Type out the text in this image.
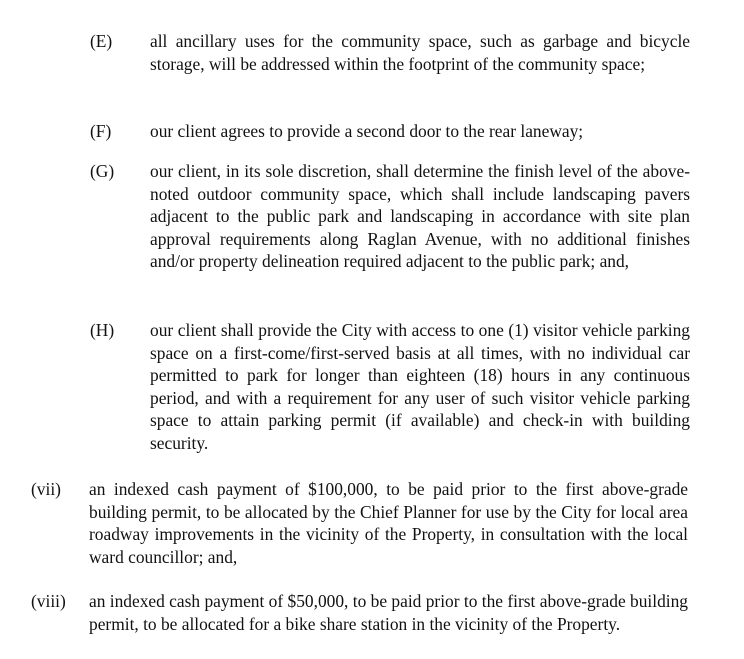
(E)	all ancillary uses for the community space, such as garbage and bicycle storage, will be addressed within the footprint of the community space;
(F)	our client agrees to provide a second door to the rear laneway;
(G)	our client, in its sole discretion, shall determine the finish level of the above-noted outdoor community space, which shall include landscaping pavers adjacent to the public park and landscaping in accordance with site plan approval requirements along Raglan Avenue, with no additional finishes and/or property delineation required adjacent to the public park; and,
(H)	our client shall provide the City with access to one (1) visitor vehicle parking space on a first-come/first-served basis at all times, with no individual car permitted to park for longer than eighteen (18) hours in any continuous period, and with a requirement for any user of such visitor vehicle parking space to attain parking permit (if available) and check-in with building security.
(vii)	an indexed cash payment of $100,000, to be paid prior to the first above-grade building permit, to be allocated by the Chief Planner for use by the City for local area roadway improvements in the vicinity of the Property, in consultation with the local ward councillor; and,
(viii)	an indexed cash payment of $50,000, to be paid prior to the first above-grade building permit, to be allocated for a bike share station in the vicinity of the Property.
